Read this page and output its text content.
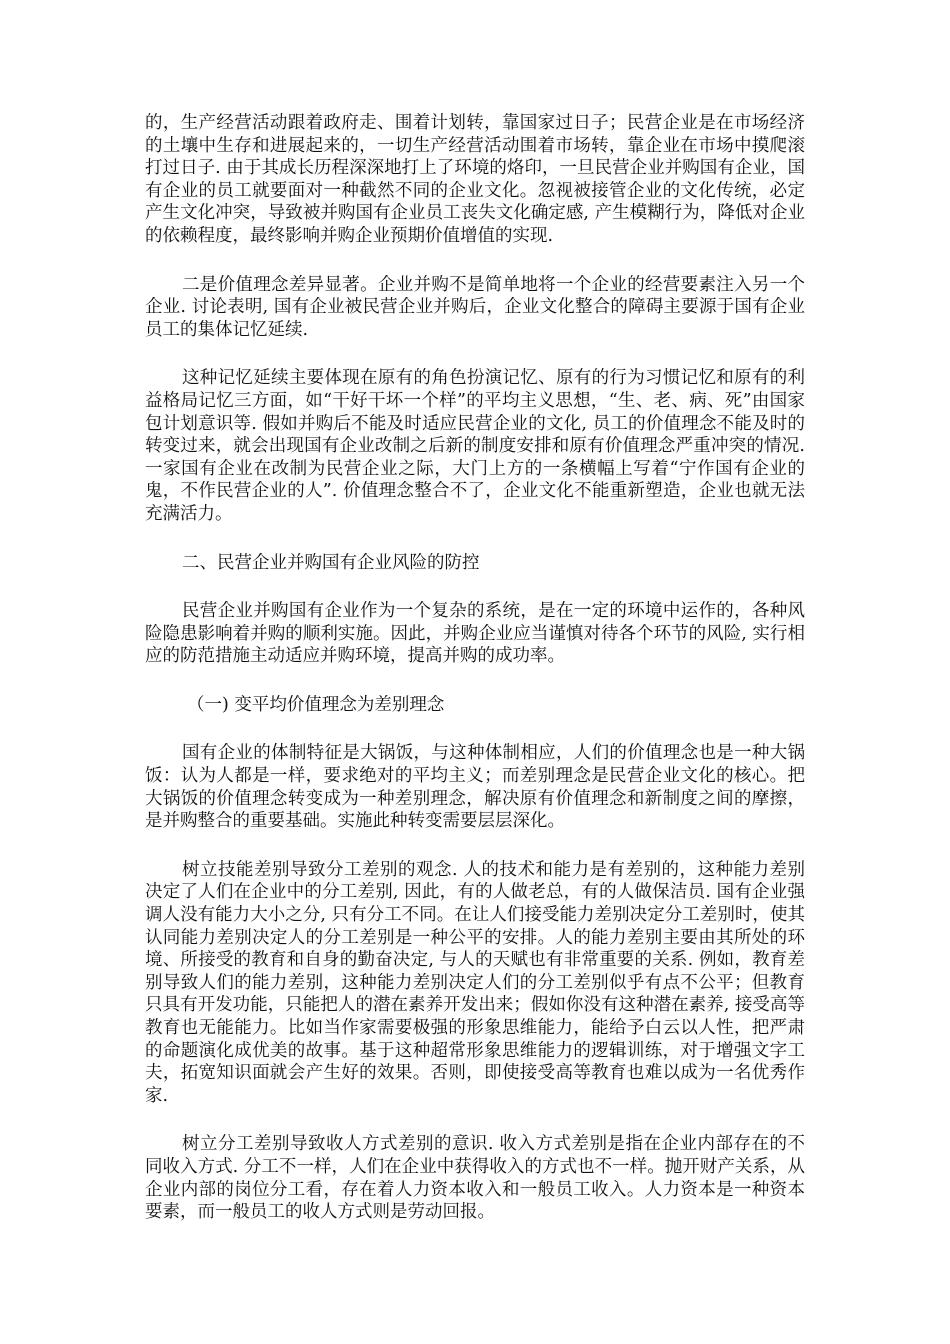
的，生产经营活动跟着政府走、围着计划转，靠国家过日子；民营企业是在市场经济的土壤中生存和进展起来的，一切生产经营活动围着市场转，靠企业在市场中摸爬滚打过日子. 由于其成长历程深深地打上了环境的烙印，一旦民营企业并购国有企业，国有企业的员工就要面对一种截然不同的企业文化。忽视被接管企业的文化传统，必定产生文化冲突，导致被并购国有企业员工丧失文化确定感, 产生模糊行为，降低对企业的依赖程度，最终影响并购企业预期价值增值的实现.

二是价值理念差异显著。企业并购不是简单地将一个企业的经营要素注入另一个企业. 讨论表明, 国有企业被民营企业并购后，企业文化整合的障碍主要源于国有企业员工的集体记忆延续.

这种记忆延续主要体现在原有的角色扮演记忆、原有的行为习惯记忆和原有的利益格局记忆三方面，如“干好干坏一个样”的平均主义思想，“生、老、病、死”由国家包计划意识等. 假如并购后不能及时适应民营企业的文化, 员工的价值理念不能及时的转变过来，就会出现国有企业改制之后新的制度安排和原有价值理念严重冲突的情况. 一家国有企业在改制为民营企业之际，大门上方的一条横幅上写着“宁作国有企业的鬼，不作民营企业的人”. 价值理念整合不了，企业文化不能重新塑造，企业也就无法充满活力。

二、民营企业并购国有企业风险的防控

民营企业并购国有企业作为一个复杂的系统，是在一定的环境中运作的，各种风险隐患影响着并购的顺利实施。因此，并购企业应当谨慎对待各个环节的风险, 实行相应的防范措施主动适应并购环境，提高并购的成功率。

（一) 变平均价值理念为差别理念

国有企业的体制特征是大锅饭，与这种体制相应，人们的价值理念也是一种大锅饭：认为人都是一样，要求绝对的平均主义；而差别理念是民营企业文化的核心。把大锅饭的价值理念转变成为一种差别理念，解决原有价值理念和新制度之间的摩擦，是并购整合的重要基础。实施此种转变需要层层深化。

树立技能差别导致分工差别的观念. 人的技术和能力是有差别的，这种能力差别决定了人们在企业中的分工差别, 因此，有的人做老总，有的人做保洁员. 国有企业强调人没有能力大小之分, 只有分工不同。在让人们接受能力差别决定分工差别时，使其认同能力差别决定人的分工差别是一种公平的安排。人的能力差别主要由其所处的环境、所接受的教育和自身的勤奋决定, 与人的天赋也有非常重要的关系. 例如，教育差别导致人们的能力差别，这种能力差别决定人们的分工差别似乎有点不公平；但教育只具有开发功能，只能把人的潜在素养开发出来；假如你没有这种潜在素养, 接受高等教育也无能能力。比如当作家需要极强的形象思维能力，能给予白云以人性，把严肃的命题演化成优美的故事。基于这种超常形象思维能力的逻辑训练，对于增强文字工夫，拓宽知识面就会产生好的效果。否则，即使接受高等教育也难以成为一名优秀作家.

树立分工差别导致收人方式差别的意识. 收入方式差别是指在企业内部存在的不同收入方式. 分工不一样，人们在企业中获得收入的方式也不一样。抛开财产关系，从企业内部的岗位分工看，存在着人力资本收入和一般员工收入。人力资本是一种资本要素，而一般员工的收人方式则是劳动回报。
